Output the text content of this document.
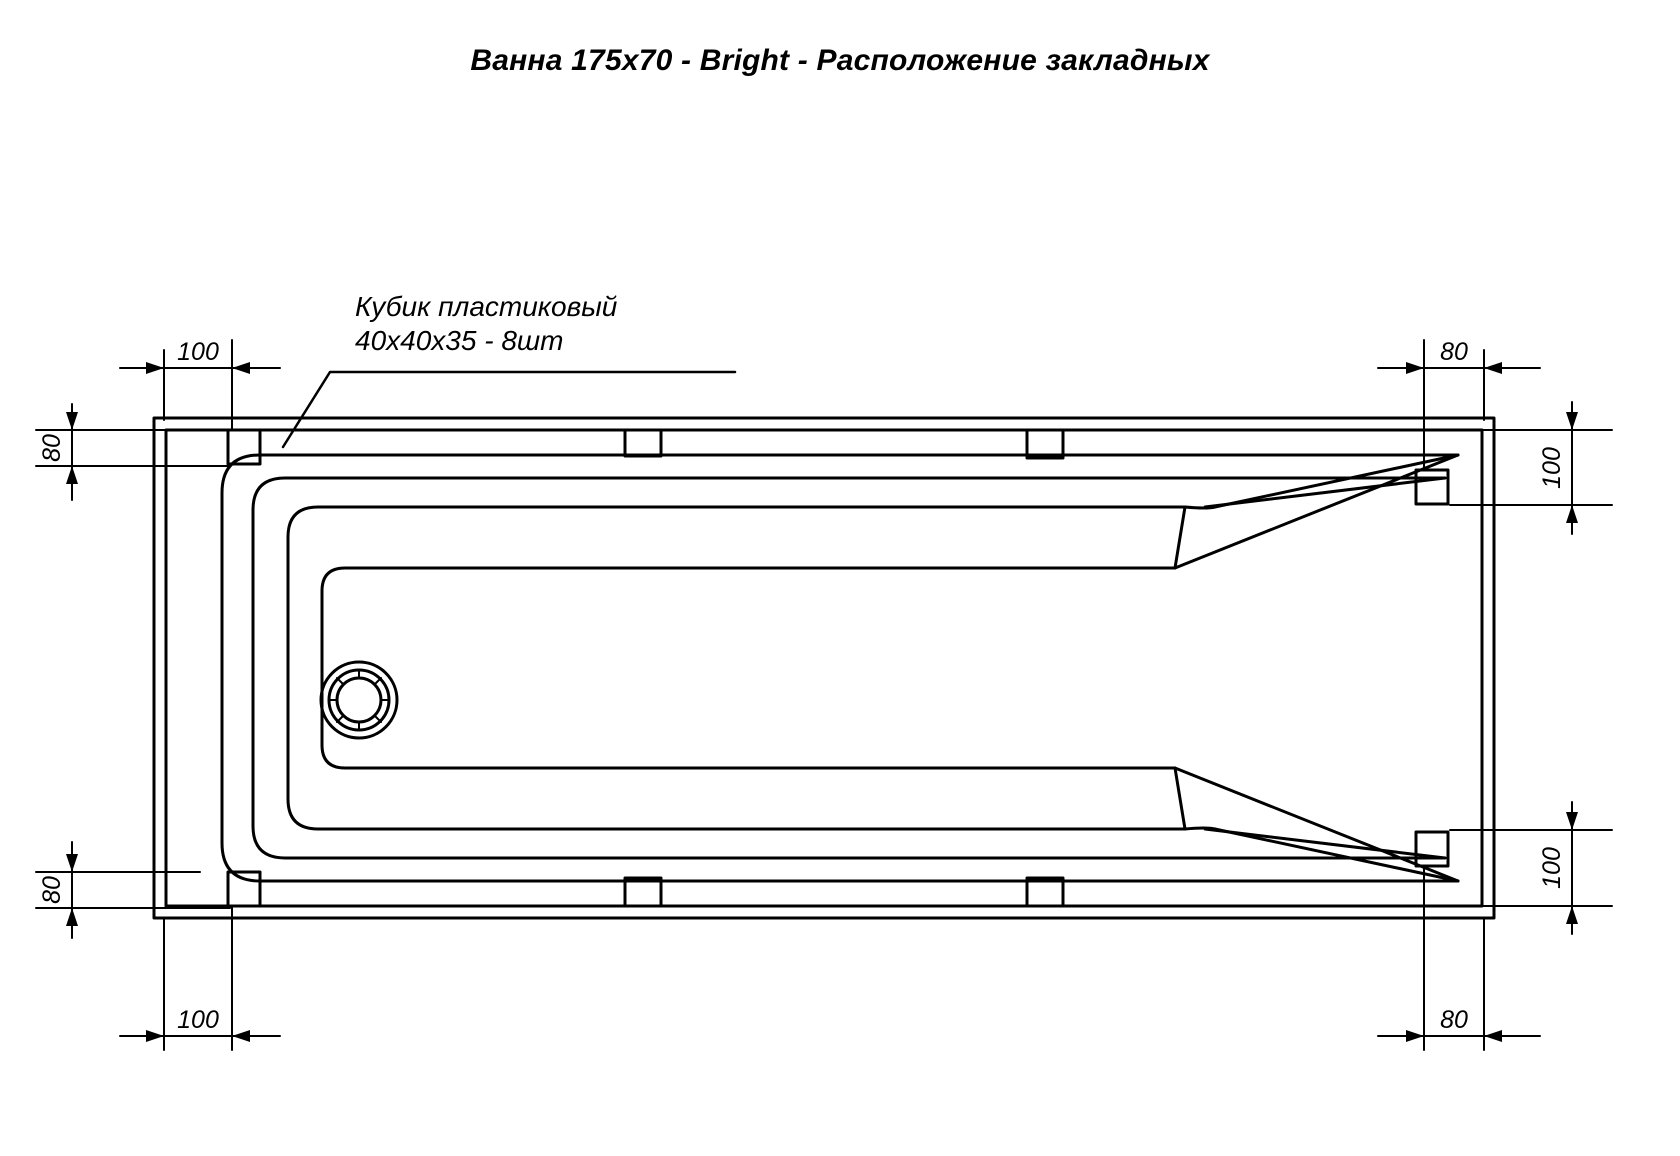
Ванна 175x70 - Bright - Расположение закладных
Кубик пластиковый
40x40x35 - 8шт
100	80
100	80
80
80
100
100
